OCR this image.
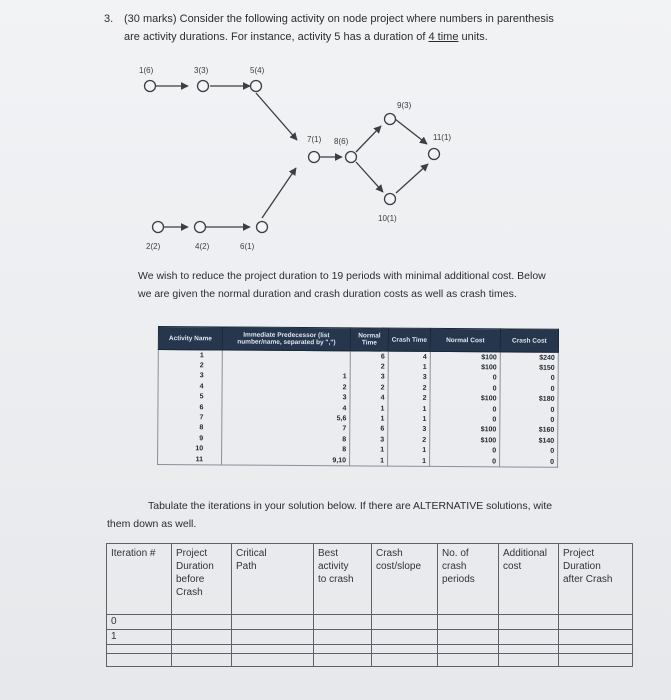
3. (30 marks) Consider the following activity on node project where numbers in parenthesis
are activity durations. For instance, activity 5 has a duration of 4 time units.
1(6)	3(3)	5(4)
7(1) 8(6)
9(3)
11(1)
10(1)
2(2)	4(2)	6(1)
We wish to reduce the project duration to 19 periods with minimal additional cost. Below
we are given the normal duration and crash duration costs as well as crash times.
Activity Name	Immediate Predecessor (list number/name, separated by ",")	Normal Time	Crash Time	Normal Cost	Crash Cost
1		6	4	$100	$240
2		2	1	$100	$150
3	1	3	3	0	0
4	2	2	2	0	0
5	3	4	2	$100	$180
6	4	1	1	0	0
7	5,6	1	1	0	0
8	7	6	3	$100	$160
9	8	3	2	$100	$140
10	8	1	1	0	0
11	9,10	1	1	0	0
Tabulate the iterations in your solution below. If there are ALTERNATIVE solutions, wite
them down as well.
Iteration #	Project
Duration
before
Crash	Critical
Path	Best
activity
to crash	Crash
cost/slope	No. of
crash
periods	Additional
cost	Project
Duration
after Crash
0							
1							
